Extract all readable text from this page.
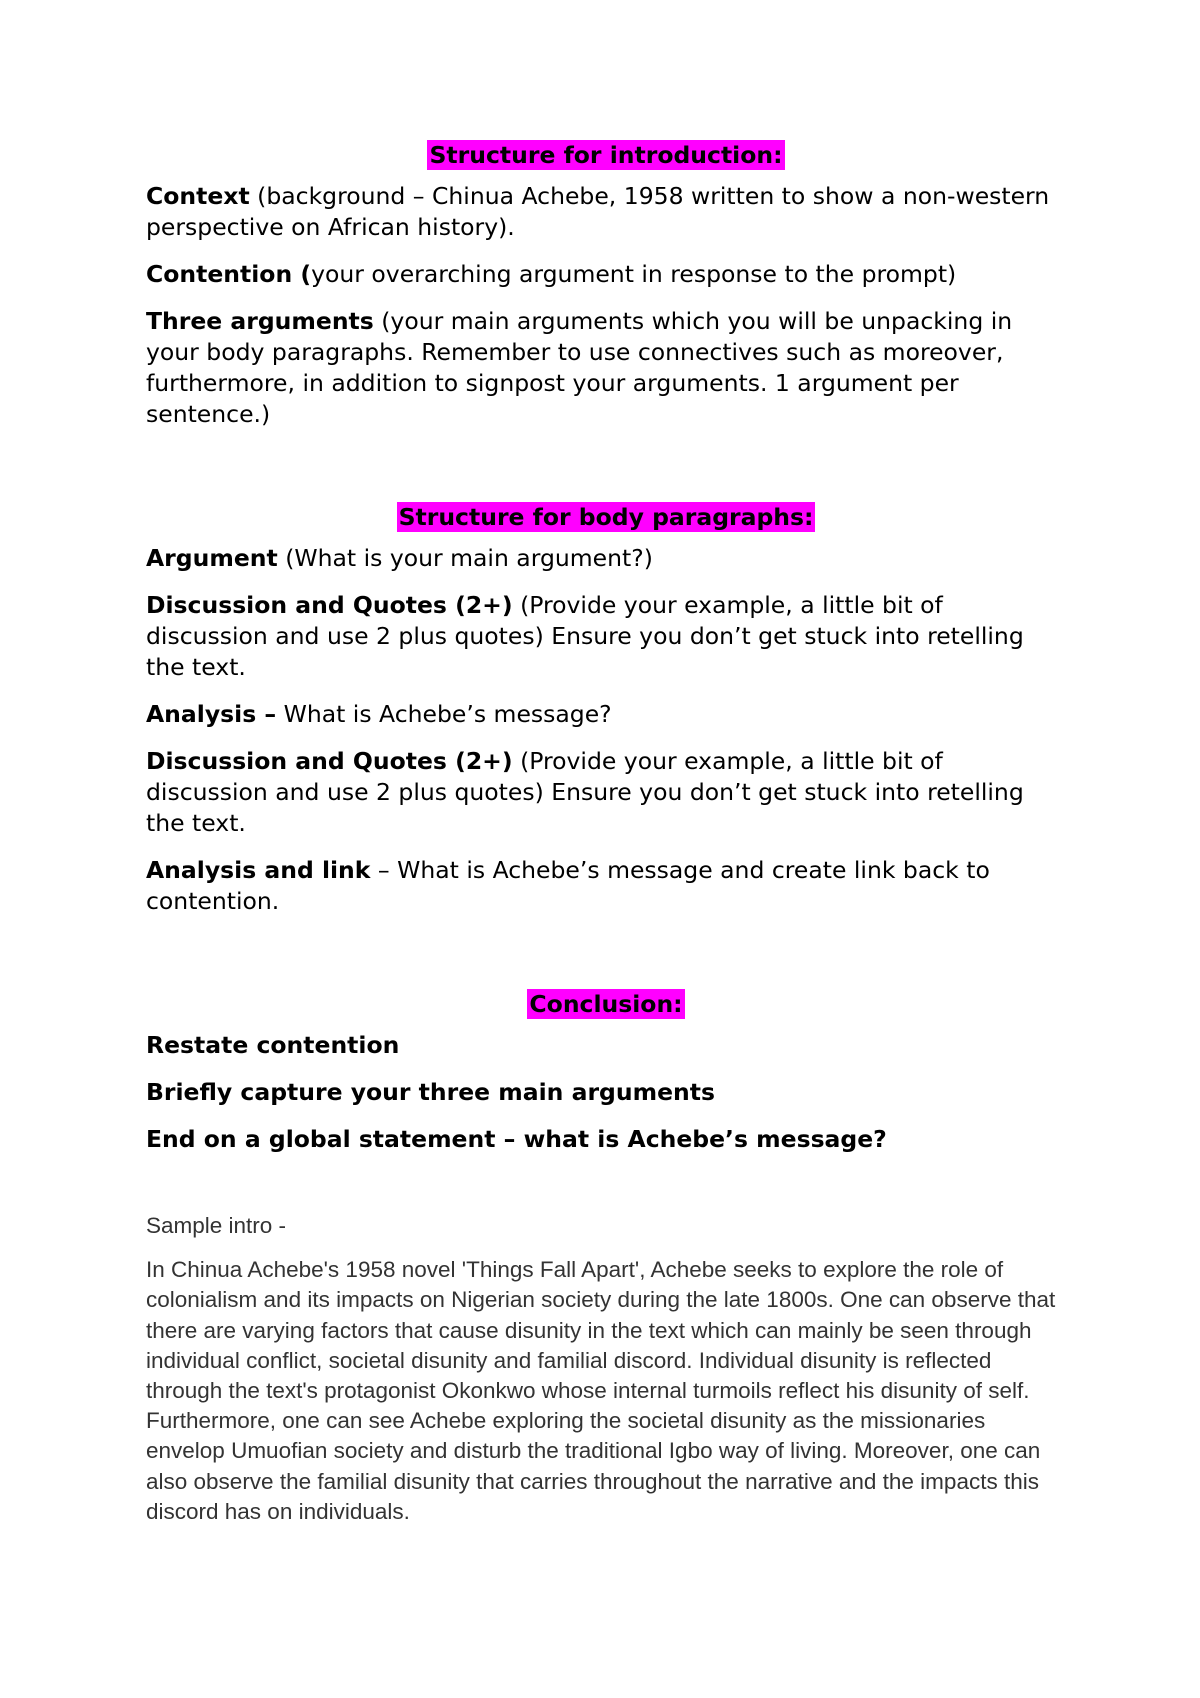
Structure for introduction:

Context (background – Chinua Achebe, 1958 written to show a non-western perspective on African history).

Contention (your overarching argument in response to the prompt)

Three arguments (your main arguments which you will be unpacking in your body paragraphs. Remember to use connectives such as moreover, furthermore, in addition to signpost your arguments. 1 argument per sentence.)

Structure for body paragraphs:

Argument (What is your main argument?)

Discussion and Quotes (2+) (Provide your example, a little bit of discussion and use 2 plus quotes) Ensure you don’t get stuck into retelling the text.

Analysis – What is Achebe’s message?

Discussion and Quotes (2+) (Provide your example, a little bit of discussion and use 2 plus quotes) Ensure you don’t get stuck into retelling the text.

Analysis and link – What is Achebe’s message and create link back to contention.

Conclusion:

Restate contention

Briefly capture your three main arguments

End on a global statement – what is Achebe’s message?

Sample intro -

In Chinua Achebe's 1958 novel 'Things Fall Apart', Achebe seeks to explore the role of colonialism and its impacts on Nigerian society during the late 1800s. One can observe that there are varying factors that cause disunity in the text which can mainly be seen through individual conflict, societal disunity and familial discord. Individual disunity is reflected through the text's protagonist Okonkwo whose internal turmoils reflect his disunity of self. Furthermore, one can see Achebe exploring the societal disunity as the missionaries envelop Umuofian society and disturb the traditional Igbo way of living. Moreover, one can also observe the familial disunity that carries throughout the narrative and the impacts this discord has on individuals.
